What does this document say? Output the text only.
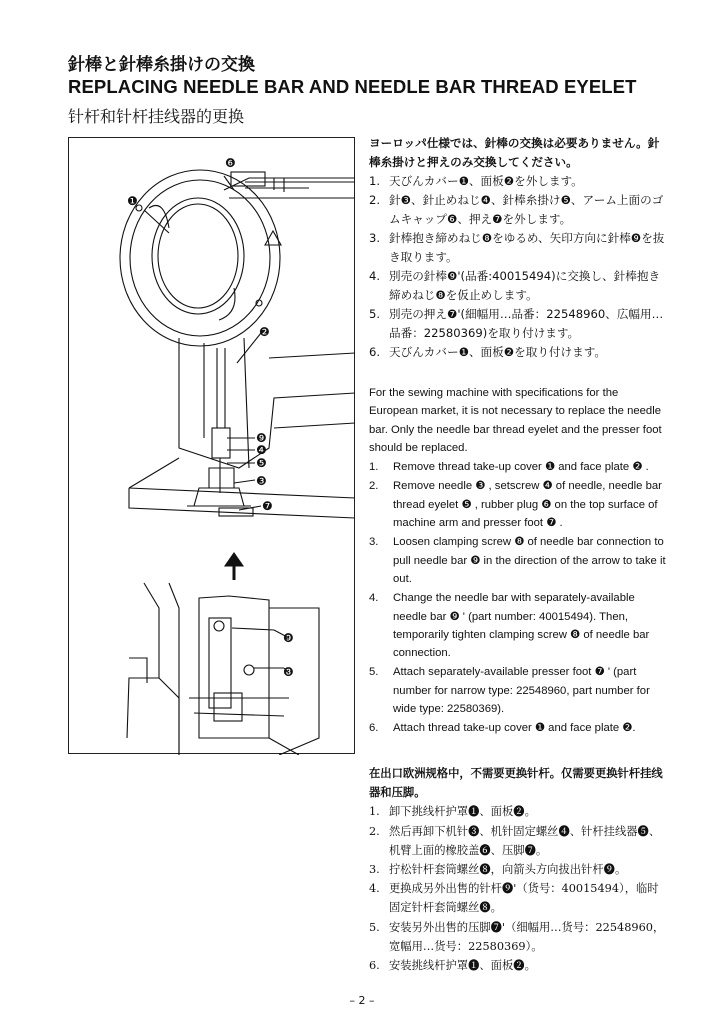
針棒と針棒糸掛けの交換
REPLACING NEEDLE BAR AND NEEDLE BAR THREAD EYELET
针杆和针杆挂线器的更换
❶
❻
❷
❾
❹
❺
❸
❼
❾
❽
ヨーロッパ仕様では、針棒の交換は必要ありません。針棒糸掛けと押えのみ交換してください。
1. 天びんカバー❶、面板❷を外します。
2. 針❸、針止めねじ❹、針棒糸掛け❺、アーム上面のゴムキャップ❻、押え❼を外します。
3. 針棒抱き締めねじ❽をゆるめ、矢印方向に針棒❾を抜き取ります。
4. 別売の針棒❾'(品番:40015494)に交換し、針棒抱き締めねじ❽を仮止めします。
5. 別売の押え❼'(細幅用…品番：22548960、広幅用…品番：22580369)を取り付けます。
6. 天びんカバー❶、面板❷を取り付けます。
For the sewing machine with specifications for the European market, it is not necessary to replace the needle bar. Only the needle bar thread eyelet and the presser foot should be replaced.
1.	Remove thread take-up cover ❶ and face plate ❷ .
2.	Remove needle ❸ , setscrew ❹ of needle, needle bar thread eyelet ❺ , rubber plug ❻ on the top surface of machine arm and presser foot ❼ .
3.	Loosen clamping screw ❽ of needle bar connection to pull needle bar ❾ in the direction of the arrow to take it out.
4.	Change the needle bar with separately-available needle bar ❾ ' (part number: 40015494). Then, temporarily tighten clamping screw ❽ of needle bar connection.
5.	Attach separately-available presser foot ❼ ' (part number for narrow type: 22548960, part number for wide type: 22580369).
6.	Attach thread take-up cover ❶ and face plate ❷.
在出口欧洲规格中，不需要更换针杆。仅需要更换针杆挂线器和压脚。
1. 卸下挑线杆护罩❶、面板❷。
2. 然后再卸下机针❸、机针固定螺丝❹、针杆挂线器❺、机臂上面的橡胶盖❻、压脚❼。
3. 拧松针杆套筒螺丝❽，向箭头方向拔出针杆❾。
4. 更换成另外出售的针杆❾'（货号：40015494），临时固定针杆套筒螺丝❽。
5. 安装另外出售的压脚❼'（细幅用…货号：22548960，宽幅用…货号：22580369）。
6. 安装挑线杆护罩❶、面板❷。
– 2 –
